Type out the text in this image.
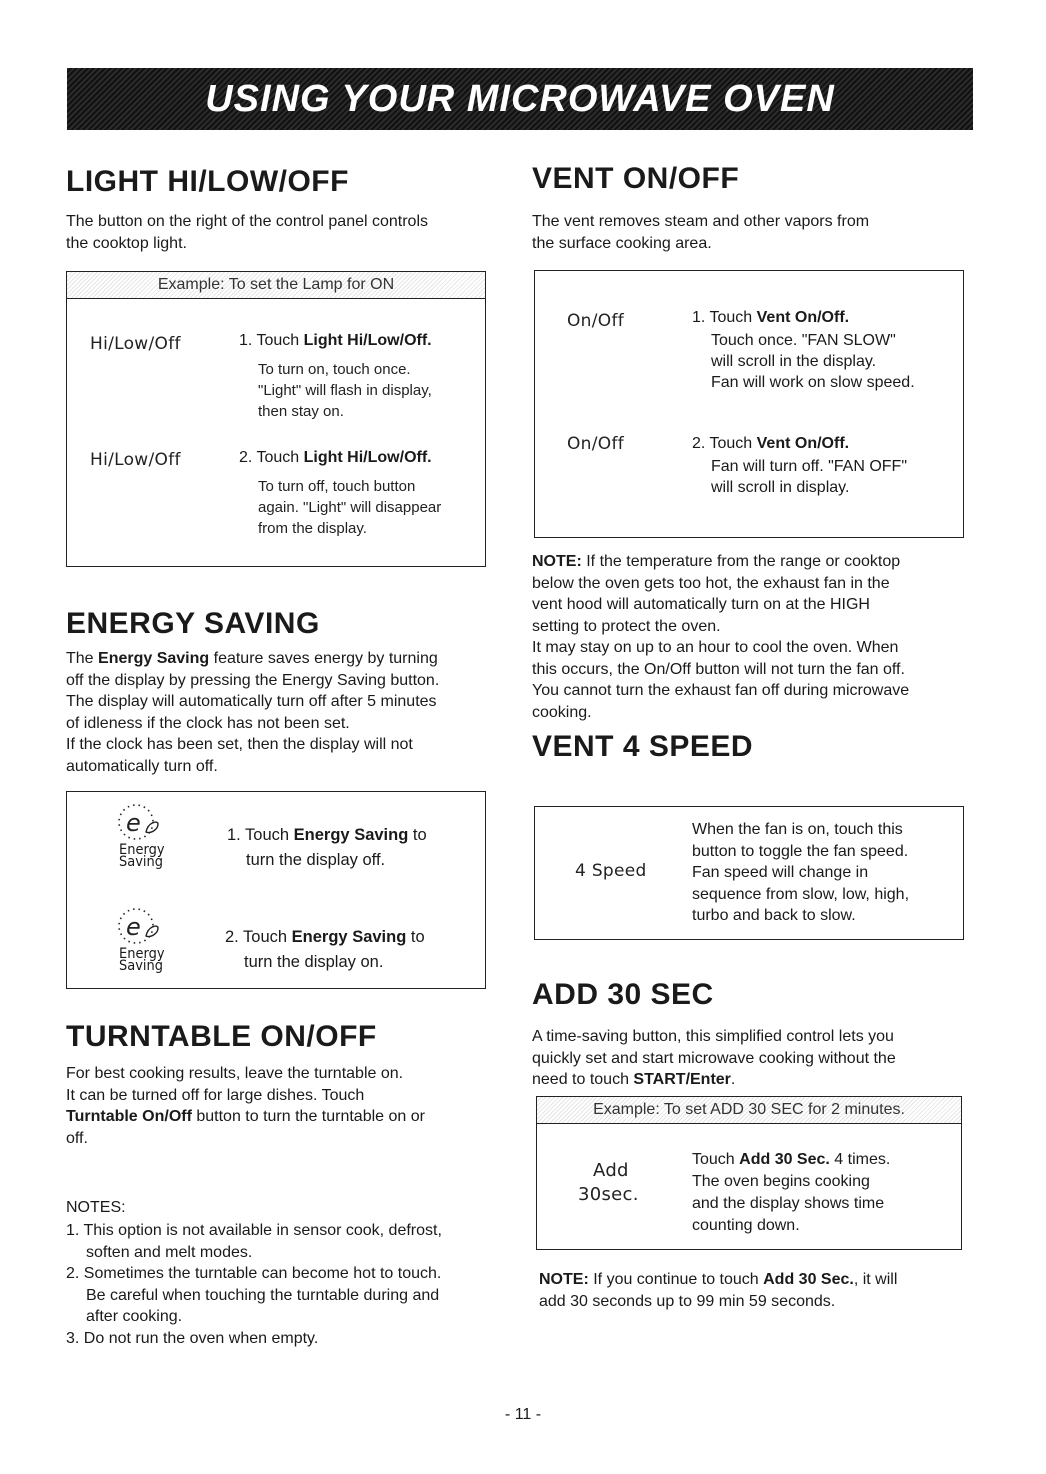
USING YOUR MICROWAVE OVEN
LIGHT HI/LOW/OFF

The button on the right of the control panel controls
the cooktop light.

Example: To set the Lamp for ON
Hi/Low/Off	1. Touch Light Hi/Low/Off.
To turn on, touch once.
"Light" will flash in display,
then stay on.
Hi/Low/Off	2. Touch Light Hi/Low/Off.
To turn off, touch button
again. "Light" will disappear
from the display.
ENERGY SAVING

The Energy Saving feature saves energy by turning
off the display by pressing the Energy Saving button.
The display will automatically turn off after 5 minutes
of idleness if the clock has not been set.
If the clock has been set, then the display will not
automatically turn off.

e
Energy
Saving
1. Touch Energy Saving to
turn the display off.
e
Energy
Saving
2. Touch Energy Saving to
turn the display on.
TURNTABLE ON/OFF

For best cooking results, leave the turntable on.
It can be turned off for large dishes. Touch
Turntable On/Off button to turn the turntable on or
off.

NOTES:
1. This option is not available in sensor cook, defrost,
soften and melt modes.
2. Sometimes the turntable can become hot to touch.
Be careful when touching the turntable during and
after cooking.
3. Do not run the oven when empty.
VENT ON/OFF

The vent removes steam and other vapors from
the surface cooking area.

On/Off	1. Touch Vent On/Off.
Touch once. "FAN SLOW"
will scroll in the display.
Fan will work on slow speed.
On/Off	2. Touch Vent On/Off.
Fan will turn off. "FAN OFF"
will scroll in display.

NOTE: If the temperature from the range or cooktop
below the oven gets too hot, the exhaust fan in the
vent hood will automatically turn on at the HIGH
setting to protect the oven.
It may stay on up to an hour to cool the oven. When
this occurs, the On/Off button will not turn the fan off.
You cannot turn the exhaust fan off during microwave
cooking.

VENT 4 SPEED
4 Speed
When the fan is on, touch this
button to toggle the fan speed.
Fan speed will change in
sequence from slow, low, high,
turbo and back to slow.
ADD 30 SEC

A time-saving button, this simplified control lets you
quickly set and start microwave cooking without the
need to touch START/Enter.

Example: To set ADD 30 SEC for 2 minutes.
Add
30sec.
Touch Add 30 Sec. 4 times.
The oven begins cooking
and the display shows time
counting down.

NOTE: If you continue to touch Add 30 Sec., it will
add 30 seconds up to 99 min 59 seconds.

- 11 -
